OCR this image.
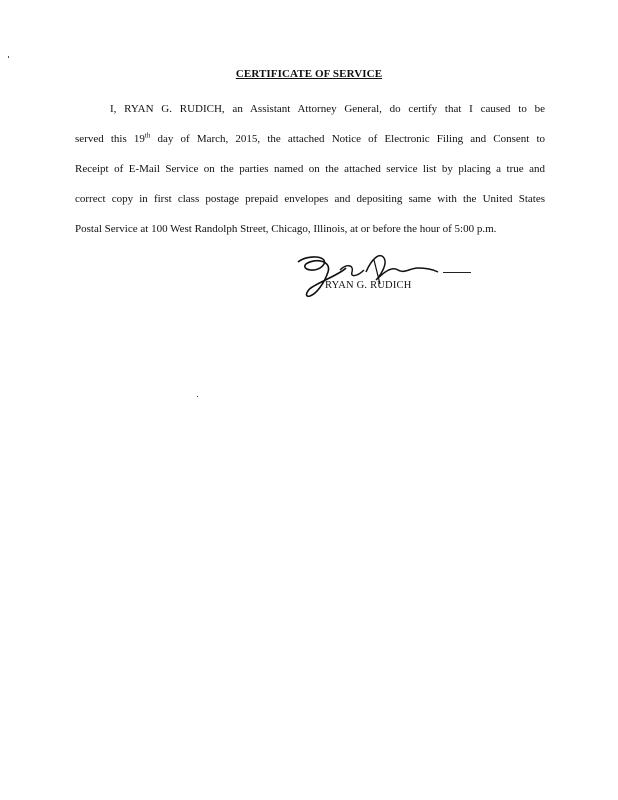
CERTIFICATE OF SERVICE
I, RYAN G. RUDICH, an Assistant Attorney General, do certify that I caused to be
served this 19th day of March, 2015, the attached Notice of Electronic Filing and Consent to
Receipt of E-Mail Service on the parties named on the attached service list by placing a true and
correct copy in first class postage prepaid envelopes and depositing same with the United States
Postal Service at 100 West Randolph Street, Chicago, Illinois, at or before the hour of 5:00 p.m.
RYAN G. RUDICH
